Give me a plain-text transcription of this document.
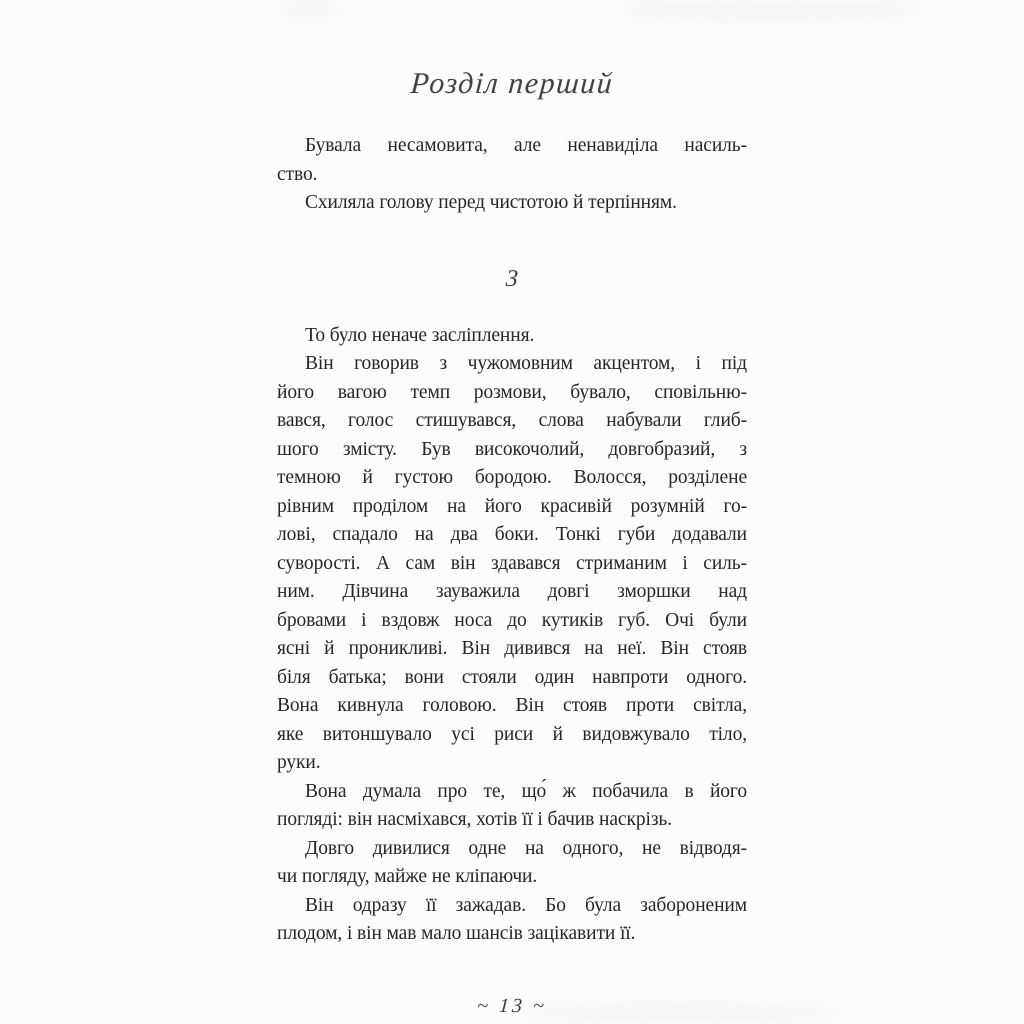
Розділ перший
Бувала несамовита, але ненавиділа насиль-
ство.
Схиляла голову перед чистотою й терпінням.
3
То було неначе засліплення.
Він говорив з чужомовним акцентом, і під
його вагою темп розмови, бувало, сповільню-
вався, голос стишувався, слова набували глиб-
шого змісту. Був високочолий, довгобразий, з
темною й густою бородою. Волосся, розділене
рівним проділом на його красивій розумній го-
лові, спадало на два боки. Тонкі губи додавали
суворості. А сам він здавався стриманим і силь-
ним. Дівчина зауважила довгі зморшки над
бровами і вздовж носа до кутиків губ. Очі були
ясні й проникливі. Він дивився на неї. Він стояв
біля батька; вони стояли один навпроти одного.
Вона кивнула головою. Він стояв проти світла,
яке витоншувало усі риси й видовжувало тіло,
руки.
Вона думала про те, що́ ж побачила в його
погляді: він насміхався, хотів її і бачив наскрізь.
Довго дивилися одне на одного, не відводя-
чи погляду, майже не кліпаючи.
Він одразу її зажадав. Бо була забороненим
плодом, і він мав мало шансів зацікавити її.
~ 13 ~
